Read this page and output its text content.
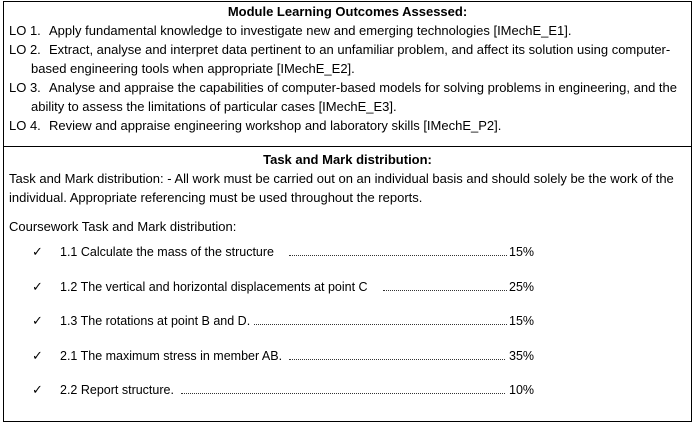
Module Learning Outcomes Assessed:
LO 1. Apply fundamental knowledge to investigate new and emerging technologies [IMechE_E1].
LO 2. Extract, analyse and interpret data pertinent to an unfamiliar problem, and affect its solution using computer-
based engineering tools when appropriate [IMechE_E2].
LO 3. Analyse and appraise the capabilities of computer-based models for solving problems in engineering, and the
ability to assess the limitations of particular cases [IMechE_E3].
LO 4. Review and appraise engineering workshop and laboratory skills [IMechE_P2].
Task and Mark distribution:
Task and Mark distribution: - All work must be carried out on an individual basis and should solely be the work of the
individual. Appropriate referencing must be used throughout the reports.
Coursework Task and Mark distribution:
✓ 1.1 Calculate the mass of the structure	15%
✓ 1.2 The vertical and horizontal displacements at point C	25%
✓ 1.3 The rotations at point B and D.	15%
✓ 2.1 The maximum stress in member AB.	35%
✓ 2.2 Report structure.	10%
